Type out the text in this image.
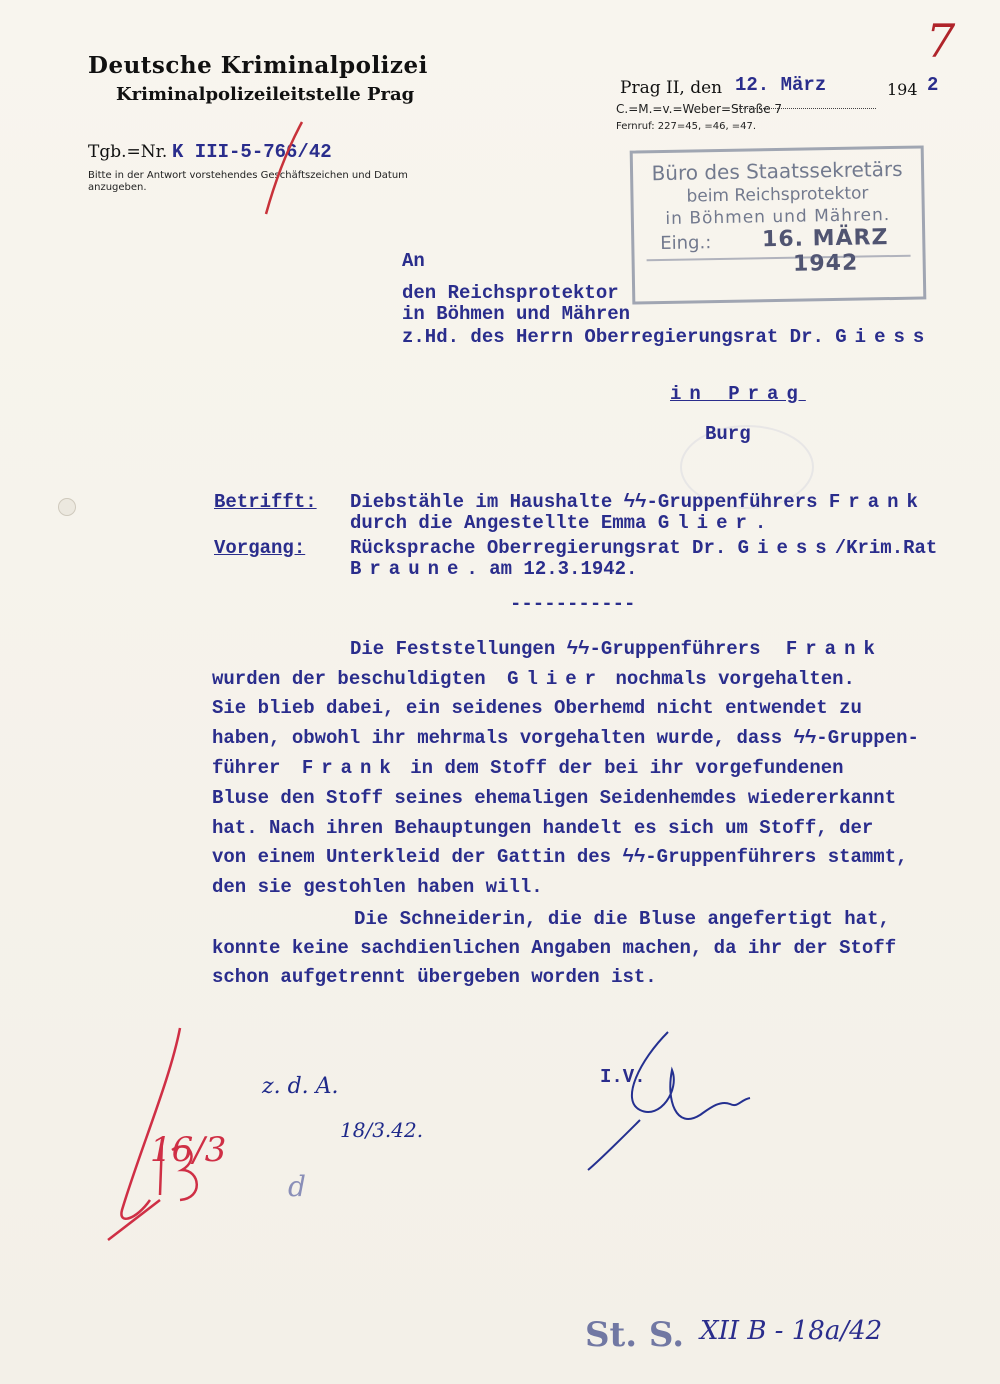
Deutsche Kriminalpolizei
Kriminalpolizeileitstelle Prag
Tgb.=Nr. K III-5-766/42
Bitte in der Antwort vorstehendes Geschäftszeichen und Datum anzugeben.
Prag II, den 12. März	194 2
C.=M.=v.=Weber=Straße 7
Fernruf: 227=45, =46, =47.
7
Büro des Staatssekretärs
beim Reichsprotektor
in Böhmen und Mähren.
Eing.:	16. MÄRZ 1942
An
den Reichsprotektor
in Böhmen und Mähren
z.Hd. des Herrn Oberregierungsrat Dr. Giess
in Prag
Burg
Betrifft: Diebstähle im Haushalte ϟϟ-Gruppenführers Frank
durch die Angestellte Emma Glier.
Vorgang: Rücksprache Oberregierungsrat Dr. Giess/Krim.Rat
Braune. am 12.3.1942.
-----------
Die Feststellungen ϟϟ-Gruppenführers Frank
wurden der beschuldigten Glier nochmals vorgehalten.
Sie blieb dabei, ein seidenes Oberhemd nicht entwendet zu
haben, obwohl ihr mehrmals vorgehalten wurde, dass ϟϟ-Gruppen-
führer Frank in dem Stoff der bei ihr vorgefundenen
Bluse den Stoff seines ehemaligen Seidenhemdes wiedererkannt
hat. Nach ihren Behauptungen handelt es sich um Stoff, der
von einem Unterkleid der Gattin des ϟϟ-Gruppenführers stammt,
den sie gestohlen haben will.
Die Schneiderin, die die Bluse angefertigt hat,
konnte keine sachdienlichen Angaben machen, da ihr der Stoff
schon aufgetrennt übergeben worden ist.
I.V.
16/3
z. d. A.
18/3.42.
d
St. S. XII B - 18a/42
